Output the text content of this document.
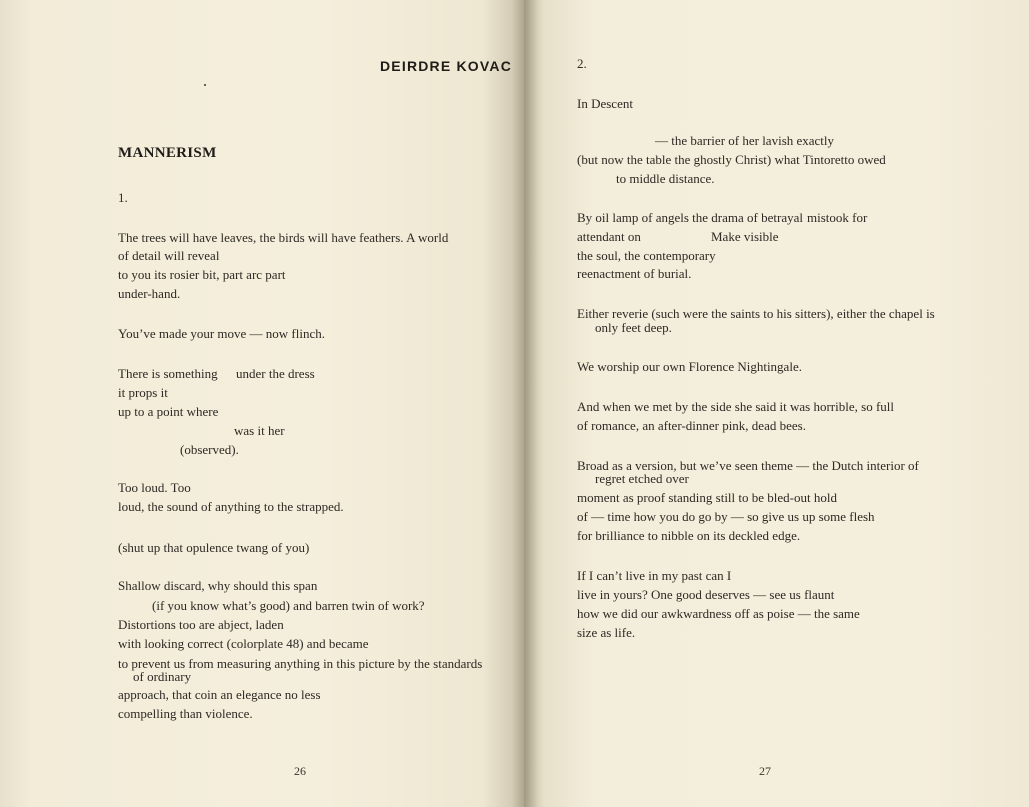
DEIRDRE KOVAC
MANNERISM
1.
The trees will have leaves, the birds will have feathers. A world
of detail will reveal
to you its rosier bit, part arc part
under-hand.
You’ve made your move — now flinch.
There is something under the dress
it props it
up to a point where
was it her
(observed).
Too loud. Too
loud, the sound of anything to the strapped.
(shut up that opulence twang of you)
Shallow discard, why should this span
(if you know what’s good) and barren twin of work?
Distortions too are abject, laden
with looking correct (colorplate 48) and became
to prevent us from measuring anything in this picture by the standards
of ordinary
approach, that coin an elegance no less
compelling than violence.
26
2.
In Descent
— the barrier of her lavish exactly
(but now the table the ghostly Christ) what Tintoretto owed
to middle distance.
By oil lamp of angels the drama of betrayal mistook for
attendant on	Make visible
the soul, the contemporary
reenactment of burial.
Either reverie (such were the saints to his sitters), either the chapel is
only feet deep.
We worship our own Florence Nightingale.
And when we met by the side she said it was horrible, so full
of romance, an after-dinner pink, dead bees.
Broad as a version, but we’ve seen theme — the Dutch interior of
regret etched over
moment as proof standing still to be bled-out hold
of — time how you do go by — so give us up some flesh
for brilliance to nibble on its deckled edge.
If I can’t live in my past can I
live in yours? One good deserves — see us flaunt
how we did our awkwardness off as poise — the same
size as life.
27
